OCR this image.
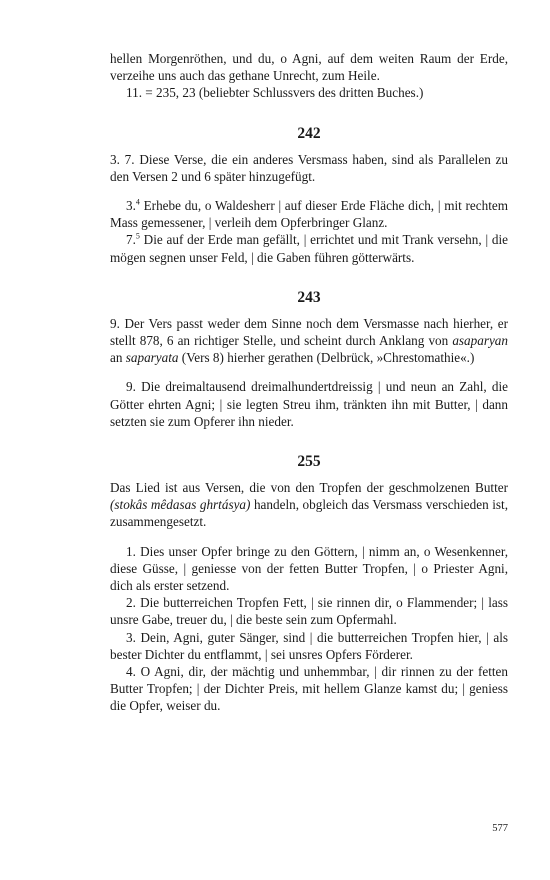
hellen Morgenröthen, und du, o Agni, auf dem weiten Raum der Erde, verzeihe uns auch das gethane Unrecht, zum Heile.

11. = 235, 23 (beliebter Schlussvers des dritten Buches.)

242

3. 7. Diese Verse, die ein anderes Versmass haben, sind als Parallelen zu den Versen 2 und 6 später hinzugefügt.

3.$^4$ Erhebe du, o Waldesherr | auf dieser Erde Fläche dich, | mit rechtem Mass gemessener, | verleih dem Opferbringer Glanz.

7.$^5$ Die auf der Erde man gefällt, | errichtet und mit Trank versehn, | die mögen segnen unser Feld, | die Gaben führen götterwärts.

243

9. Der Vers passt weder dem Sinne noch dem Versmasse nach hierher, er stellt 878, 6 an richtiger Stelle, und scheint durch Anklang von asaparyan an saparyata (Vers 8) hierher gerathen (Delbrück, »Chrestomathie«.)

9. Die dreimaltausend dreimalhundertdreissig | und neun an Zahl, die Götter ehrten Agni; | sie legten Streu ihm, tränkten ihn mit Butter, | dann setzten sie zum Opferer ihn nieder.

255

Das Lied ist aus Versen, die von den Tropfen der geschmolzenen Butter (stokâs mêdasas ghrtásya) handeln, obgleich das Versmass verschieden ist, zusammengesetzt.

1. Dies unser Opfer bringe zu den Göttern, | nimm an, o Wesenkenner, diese Güsse, | geniesse von der fetten Butter Tropfen, | o Priester Agni, dich als erster setzend.

2. Die butterreichen Tropfen Fett, | sie rinnen dir, o Flammender; | lass unsre Gabe, treuer du, | die beste sein zum Opfermahl.

3. Dein, Agni, guter Sänger, sind | die butterreichen Tropfen hier, | als bester Dichter du entflammt, | sei unsres Opfers Förderer.

4. O Agni, dir, der mächtig und unhemmbar, | dir rinnen zu der fetten Butter Tropfen; | der Dichter Preis, mit hellem Glanze kamst du; | geniess die Opfer, weiser du.

577
